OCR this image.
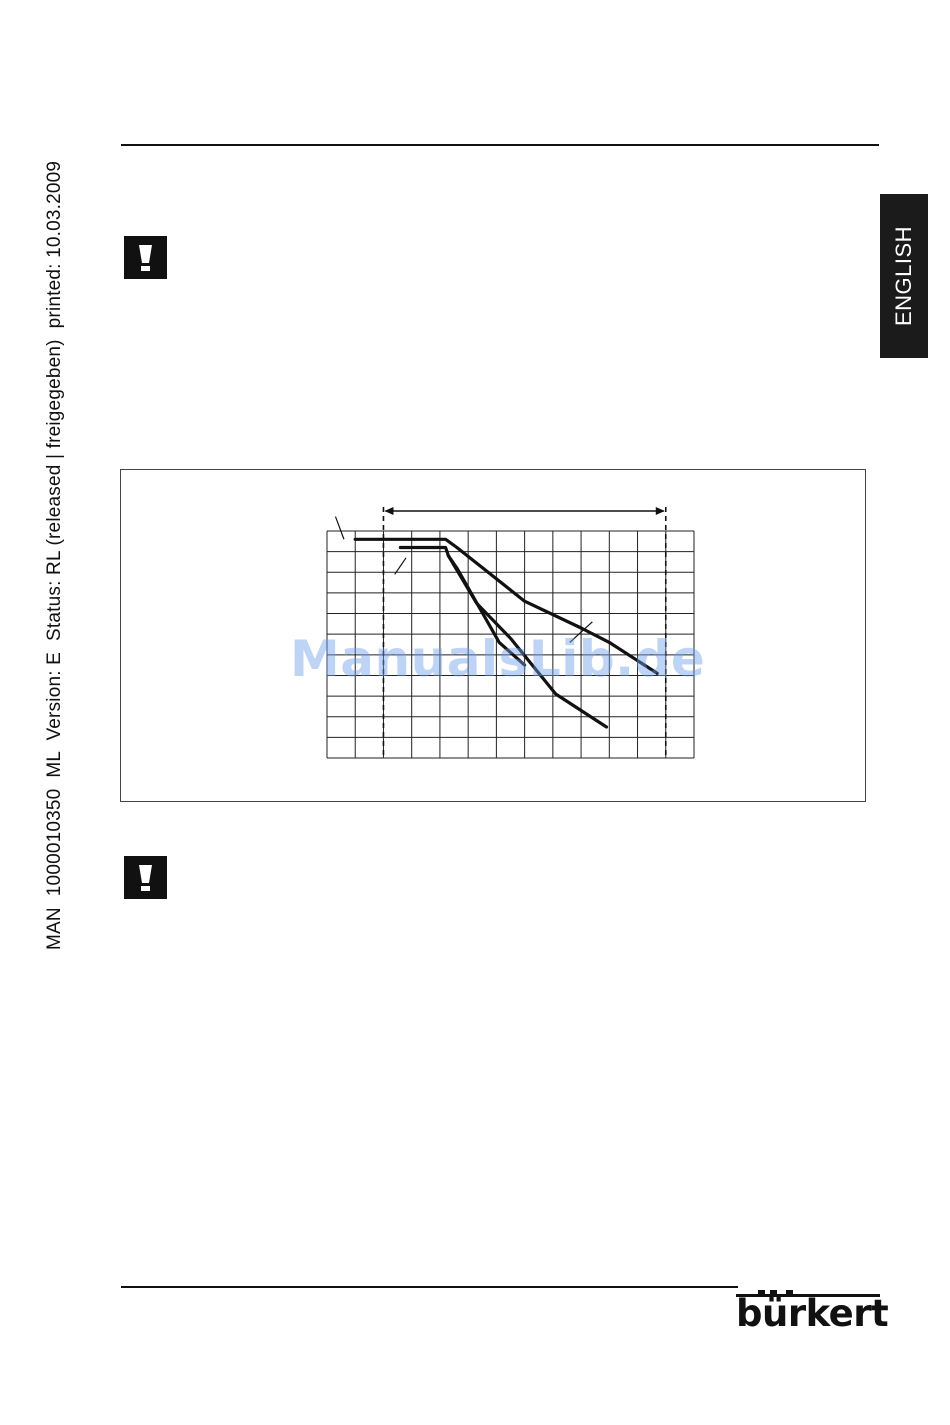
MAN  1000010350  ML  Version: E  Status: RL (released | freigegeben)  printed: 10.03.2009	ENGLISH
ManualsLib.de
bürkert
